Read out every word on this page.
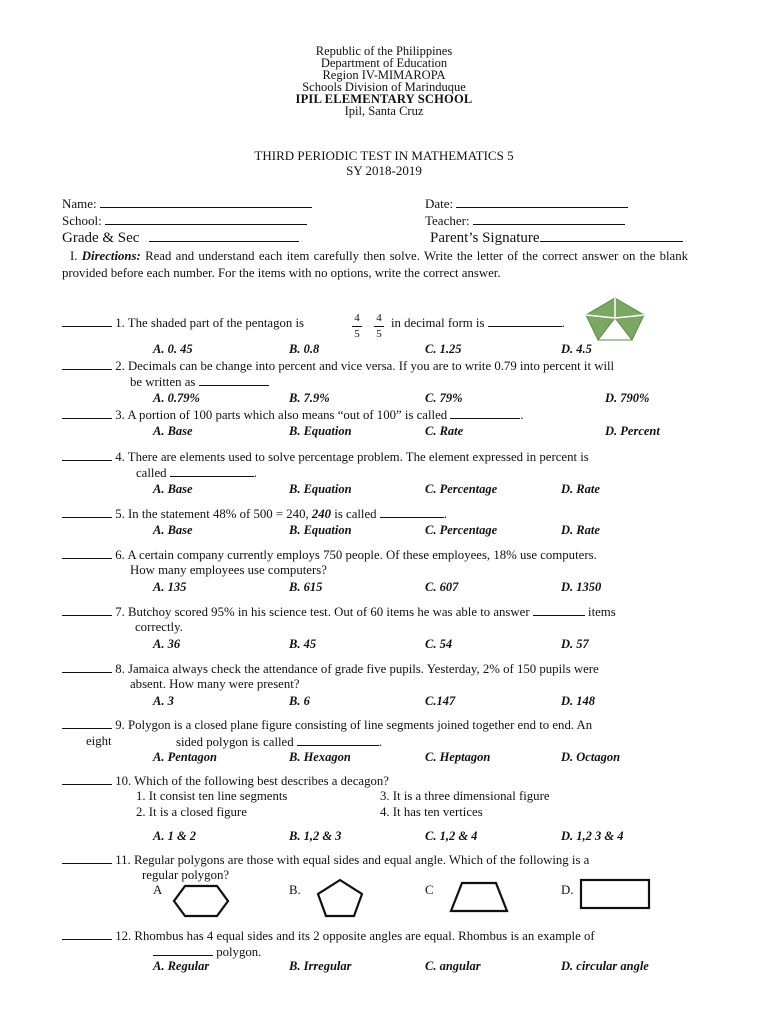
Republic of the Philippines
Department of Education
Region IV-MIMAROPA
Schools Division of Marinduque
IPIL ELEMENTARY SCHOOL
Ipil, Santa Cruz
THIRD PERIODIC TEST IN MATHEMATICS 5
SY 2018-2019
Name:	Date:
School:	Teacher:
Grade & Sec	Parent’s Signature
I. Directions: Read and understand each item carefully then solve. Write the letter of the correct answer on the blank provided before each number. For the items with no options, write the correct answer.
1. The shaded part of the pentagon is	4
5
4
5
in decimal form is	.
A. 0. 45	B. 0.8	C. 1.25	D. 4.5
2. Decimals can be change into percent and vice versa. If you are to write 0.79 into percent it will
be written as
A. 0.79%	B. 7.9%	C. 79%	D. 790%
3. A portion of 100 parts which also means “out of 100” is called	.
A. Base	B. Equation	C. Rate	D. Percent
4. There are elements used to solve percentage problem. The element expressed in percent is
called	.
A. Base	B. Equation	C. Percentage	D. Rate
5. In the statement 48% of 500 = 240, 240 is called	.
A. Base	B. Equation	C. Percentage	D. Rate
6. A certain company currently employs 750 people. Of these employees, 18% use computers.
How many employees use computers?
A. 135	B. 615	C. 607	D. 1350
7. Butchoy scored 95% in his science test. Out of 60 items he was able to answer	items
correctly.
A. 36	B. 45	C. 54	D. 57
8. Jamaica always check the attendance of grade five pupils. Yesterday, 2% of 150 pupils were
absent. How many were present?
A. 3	B. 6	C.147	D. 148
9. Polygon is a closed plane figure consisting of line segments joined together end to end. An
eight	sided polygon is called	.
A. Pentagon	B. Hexagon	C. Heptagon	D. Octagon
10. Which of the following best describes a decagon?
1. It consist ten line segments
2. It is a closed figure
3. It is a three dimensional figure
4. It has ten vertices
A. 1 & 2	B. 1,2 & 3	C. 1,2 & 4	D. 1,2 3 & 4
11. Regular polygons are those with equal sides and equal angle. Which of the following is a
regular polygon?
A	B.	C	D.
12. Rhombus has 4 equal sides and its 2 opposite angles are equal. Rhombus is an example of
polygon.
A. Regular	B. Irregular	C. angular	D. circular angle
